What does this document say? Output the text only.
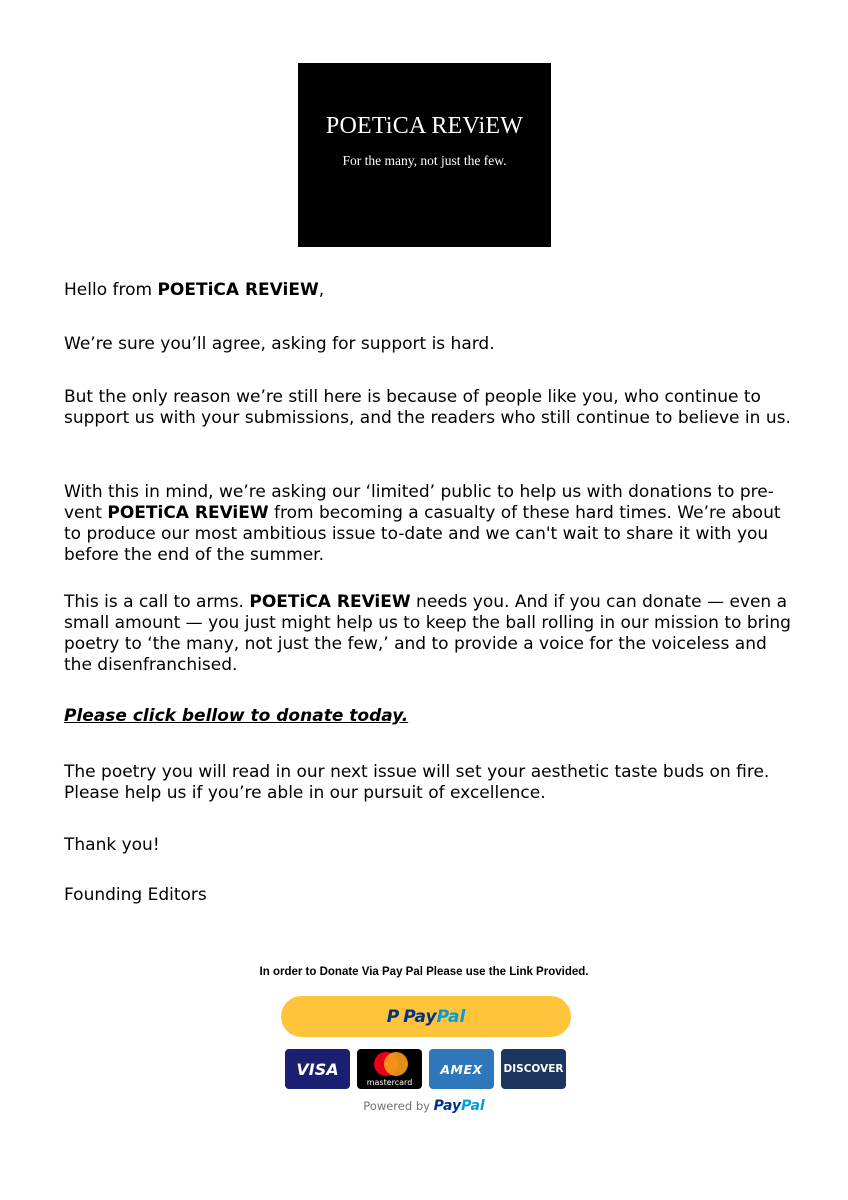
POETiCA REViEW
For the many, not just the few.

Hello from POETiCA REViEW,

We’re sure you’ll agree, asking for support is hard.

But the only reason we’re still here is because of people like you, who continue to support us with your submissions, and the readers who still continue to believe in us.

With this in mind, we’re asking our ‘limited’ public to help us with donations to pre-vent POETiCA REViEW from becoming a casualty of these hard times. We’re about to produce our most ambitious issue to-date and we can't wait to share it with you before the end of the summer.

This is a call to arms. POETiCA REViEW needs you. And if you can donate — even a small amount — you just might help us to keep the ball rolling in our mission to bring poetry to ‘the many, not just the few,’ and to provide a voice for the voiceless and the disenfranchised.

Please click bellow to donate today.

The poetry you will read in our next issue will set your aesthetic taste buds on fire. Please help us if you’re able in our pursuit of excellence.

Thank you!

Founding Editors

In order to Donate Via Pay Pal Please use the Link Provided.
P PayPal
VISA
mastercard
AMEX DISCOVER
Powered by PayPal
